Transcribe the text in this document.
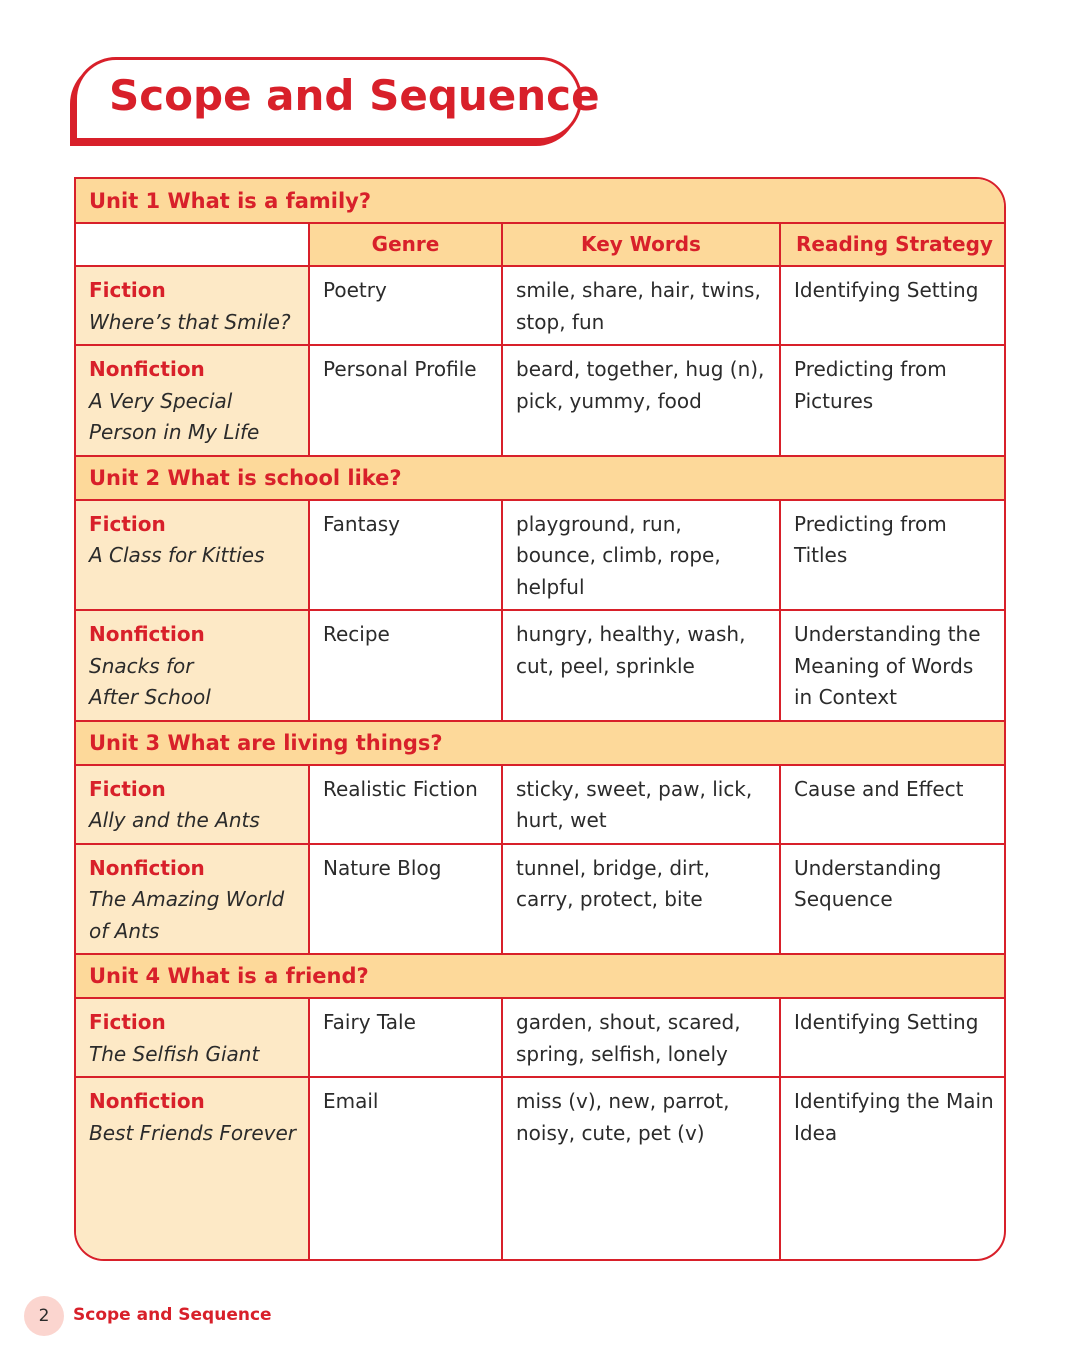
Scope and Sequence
Unit 1 What is a family?			
	Genre	Key Words	Reading Strategy

Fiction
Where’s that Smile?	Poetry	smile, share, hair, twins, stop, fun	Identifying Setting

Nonfiction
A Very Special
Person in My Life	Personal Profile	beard, together, hug (n), pick, yummy, food	Predicting from Pictures
Unit 2 What is school like?			

Fiction
A Class for Kitties	Fantasy	playground, run, bounce, climb, rope, helpful	Predicting from Titles

Nonfiction
Snacks for
After School	Recipe	hungry, healthy, wash, cut, peel, sprinkle	Understanding the Meaning of Words in Context
Unit 3 What are living things?			

Fiction
Ally and the Ants	Realistic Fiction	sticky, sweet, paw, lick, hurt, wet	Cause and Effect

Nonfiction
The Amazing World
of Ants	Nature Blog	tunnel, bridge, dirt, carry, protect, bite	Understanding Sequence
Unit 4 What is a friend?			

Fiction
The Selfish Giant	Fairy Tale	garden, shout, scared, spring, selfish, lonely	Identifying Setting

Nonfiction
Best Friends Forever	Email	miss (v), new, parrot, noisy, cute, pet (v)	Identifying the Main Idea
2	Scope and Sequence
